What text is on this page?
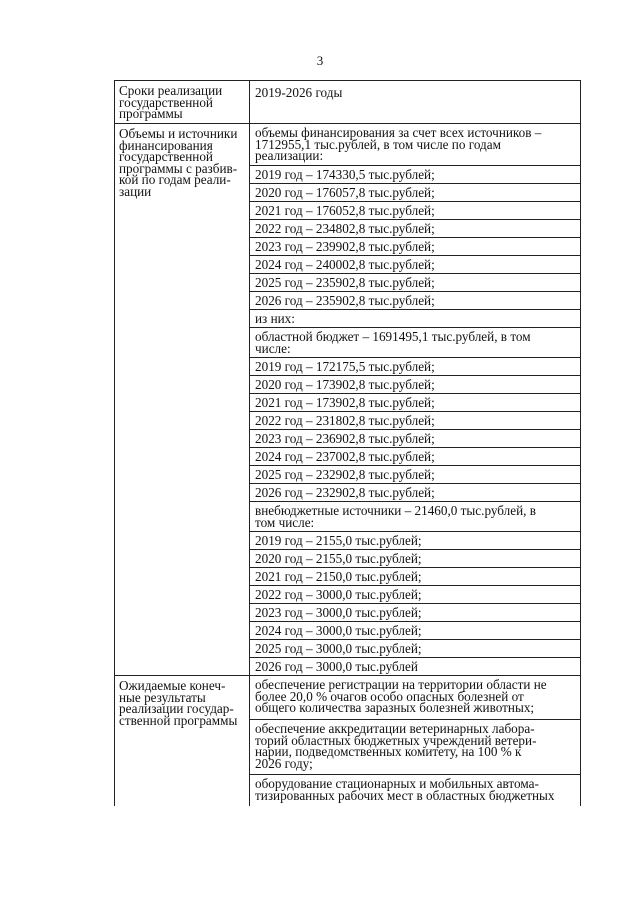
3
Сроки реализации
государственной
программы
2019-2026 годы
Объемы и источники
финансирования
государственной
программы с разбив-
кой по годам реали-
зации
объемы финансирования за счет всех источников –
1712955,1 тыс.рублей, в том числе по годам
реализации:
2019 год – 174330,5 тыс.рублей;
2020 год – 176057,8 тыс.рублей;
2021 год – 176052,8 тыс.рублей;
2022 год – 234802,8 тыс.рублей;
2023 год – 239902,8 тыс.рублей;
2024 год – 240002,8 тыс.рублей;
2025 год – 235902,8 тыс.рублей;
2026 год – 235902,8 тыс.рублей;
из них:
областной бюджет – 1691495,1 тыс.рублей, в том
числе:
2019 год – 172175,5 тыс.рублей;
2020 год – 173902,8 тыс.рублей;
2021 год – 173902,8 тыс.рублей;
2022 год – 231802,8 тыс.рублей;
2023 год – 236902,8 тыс.рублей;
2024 год – 237002,8 тыс.рублей;
2025 год – 232902,8 тыс.рублей;
2026 год – 232902,8 тыс.рублей;
внебюджетные источники – 21460,0 тыс.рублей, в
том числе:
2019 год – 2155,0 тыс.рублей;
2020 год – 2155,0 тыс.рублей;
2021 год – 2150,0 тыс.рублей;
2022 год – 3000,0 тыс.рублей;
2023 год – 3000,0 тыс.рублей;
2024 год – 3000,0 тыс.рублей;
2025 год – 3000,0 тыс.рублей;
2026 год – 3000,0 тыс.рублей
Ожидаемые конеч-
ные результаты
реализации государ-
ственной программы
обеспечение регистрации на территории области не
более 20,0 % очагов особо опасных болезней от
общего количества заразных болезней животных;
обеспечение аккредитации ветеринарных лабора-
торий областных бюджетных учреждений ветери-
нарии, подведомственных комитету, на 100 % к
2026 году;
оборудование стационарных и мобильных автома-
тизированных рабочих мест в областных бюджетных
